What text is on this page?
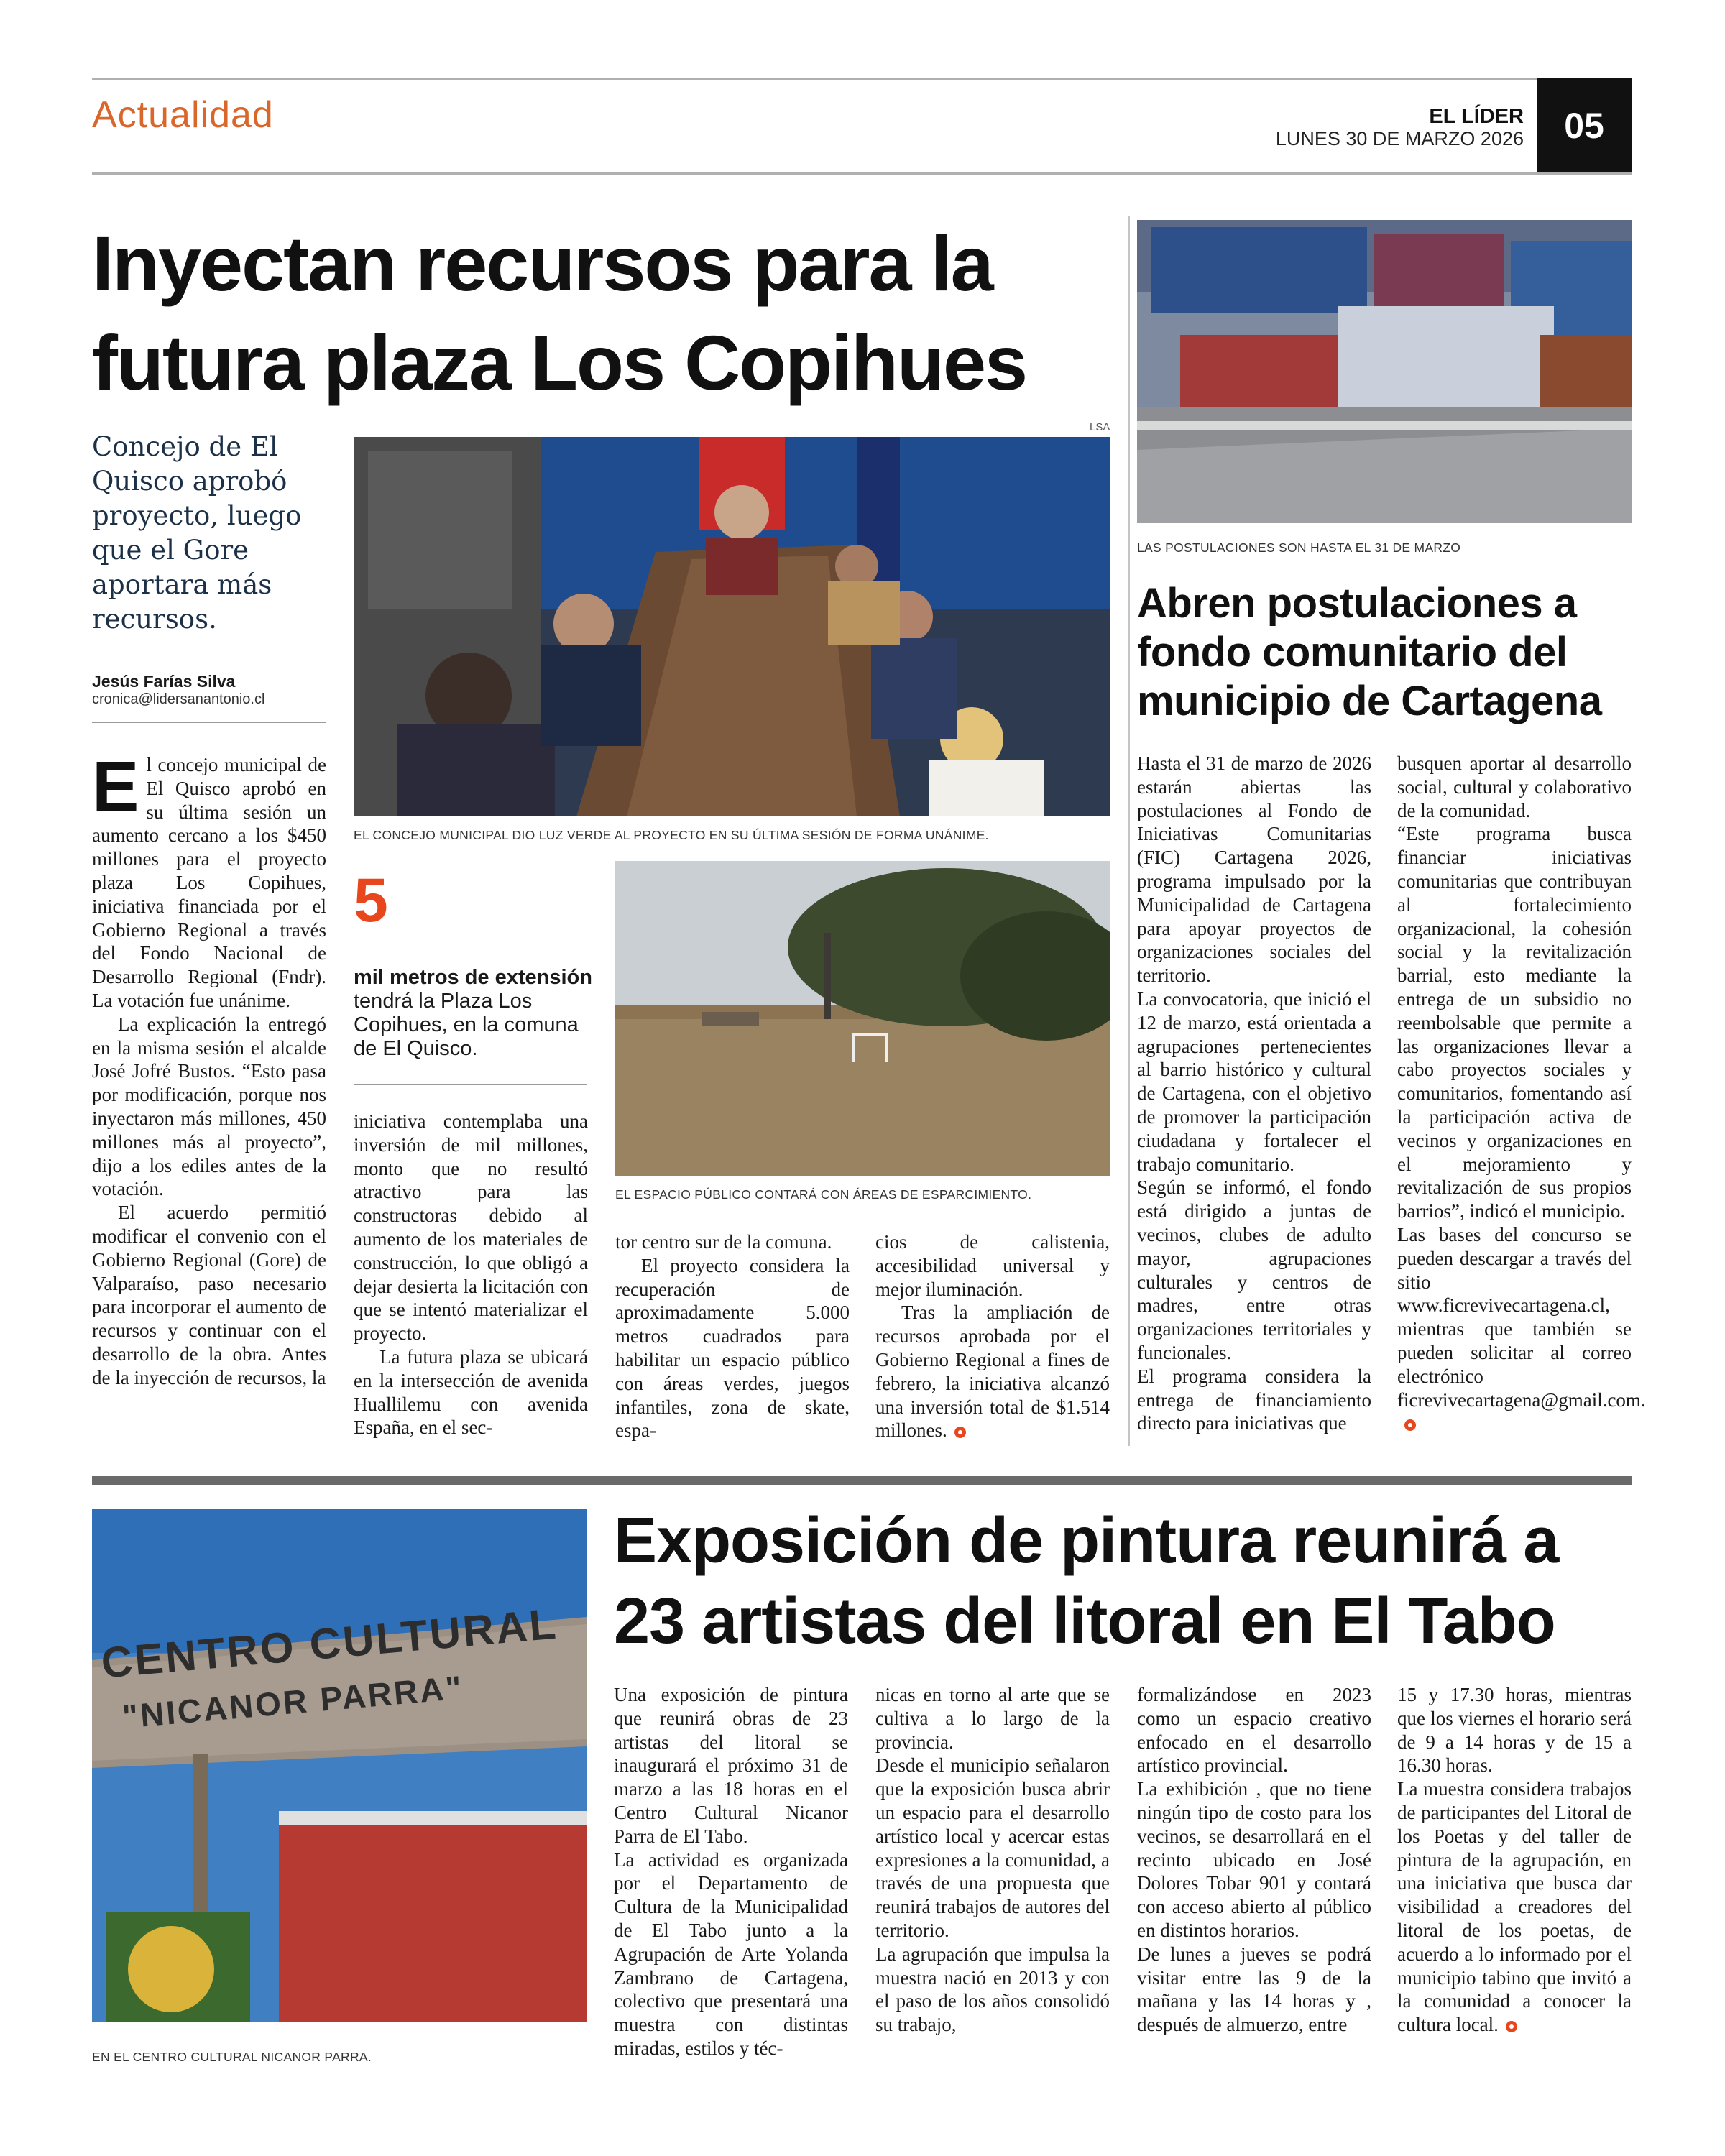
Actualidad	EL LÍDER
LUNES 30 DE MARZO 2026	05
Inyectan recursos para la
futura plaza Los Copihues
Concejo de El Quisco aprobó proyecto, luego que el Gore aportara más recursos.
Jesús Farías Silva
cronica@lidersanantonio.cl
LSA
EL CONCEJO MUNICIPAL DIO LUZ VERDE AL PROYECTO EN SU ÚLTIMA SESIÓN DE FORMA UNÁNIME.
5
mil metros de extensión tendrá la Plaza Los Copihues, en la comuna de El Quisco.
EL ESPACIO PÚBLICO CONTARÁ CON ÁREAS DE ESPARCIMIENTO.
E l concejo municipal de El Quisco aprobó en su última sesión un aumento cercano a los $450 millones para el proyecto plaza Los Copihues, iniciativa financiada por el Gobierno Regional a través del Fondo Nacional de Desarrollo Regional (Fndr). La votación fue unánime.

La explicación la entregó en la misma sesión el alcalde José Jofré Bustos. “Esto pasa por modificación, porque nos inyectaron más millones, 450 millones más al proyecto”, dijo a los ediles antes de la votación.

El acuerdo permitió modificar el convenio con el Gobierno Regional (Gore) de Valparaíso, paso necesario para incorporar el aumento de recursos y continuar con el desarrollo de la obra. Antes de la inyección de recursos, la

iniciativa contemplaba una inversión de mil millones, monto que no resultó atractivo para las constructoras debido al aumento de los materiales de construcción, lo que obligó a dejar desierta la licitación con que se intentó materializar el proyecto.

La futura plaza se ubicará en la intersección de avenida Huallilemu con avenida España, en el sec-

tor centro sur de la comuna.

El proyecto considera la recuperación de aproximadamente 5.000 metros cuadrados para habilitar un espacio público con áreas verdes, juegos infantiles, zona de skate, espa-

cios de calistenia, accesibilidad universal y mejor iluminación.

Tras la ampliación de recursos aprobada por el Gobierno Regional a fines de febrero, la iniciativa alcanzó una inversión total de $1.514 millones.

LAS POSTULACIONES SON HASTA EL 31 DE MARZO
Abren postulaciones a fondo comunitario del municipio de Cartagena

Hasta el 31 de marzo de 2026 estarán abiertas las postulaciones al Fondo de Iniciativas Comunitarias (FIC) Cartagena 2026, programa impulsado por la Municipalidad de Cartagena para apoyar proyectos de organizaciones sociales del territorio.

La convocatoria, que inició el 12 de marzo, está orientada a agrupaciones pertenecientes al barrio histórico y cultural de Cartagena, con el objetivo de promover la participación ciudadana y fortalecer el trabajo comunitario.

Según se informó, el fondo está dirigido a juntas de vecinos, clubes de adulto mayor, agrupaciones culturales y centros de madres, entre otras organizaciones territoriales y funcionales.

El programa considera la entrega de financiamiento directo para iniciativas que

busquen aportar al desarrollo social, cultural y colaborativo de la comunidad.

“Este programa busca financiar iniciativas comunitarias que contribuyan al fortalecimiento organizacional, la cohesión social y la revitalización barrial, esto mediante la entrega de un subsidio no reembolsable que permite a las organizaciones llevar a cabo proyectos sociales y comunitarios, fomentando así la participación activa de vecinos y organizaciones en el mejoramiento y revitalización de sus propios barrios”, indicó el municipio.

Las bases del concurso se pueden descargar a través del sitio www.ficrevivecartagena.cl, mientras que también se pueden solicitar al correo electrónico ficrevivecartagena@gmail.com.

CENTRO CULTURAL
"NICANOR PARRA"
EN EL CENTRO CULTURAL NICANOR PARRA.
Exposición de pintura reunirá a
23 artistas del litoral en El Tabo

Una exposición de pintura que reunirá obras de 23 artistas del litoral se inaugurará el próximo 31 de marzo a las 18 horas en el Centro Cultural Nicanor Parra de El Tabo.

La actividad es organizada por el Departamento de Cultura de la Municipalidad de El Tabo junto a la Agrupación de Arte Yolanda Zambrano de Cartagena, colectivo que presentará una muestra con distintas miradas, estilos y téc-

nicas en torno al arte que se cultiva a lo largo de la provincia.

Desde el municipio señalaron que la exposición busca abrir un espacio para el desarrollo artístico local y acercar estas expresiones a la comunidad, a través de una propuesta que reunirá trabajos de autores del territorio.

La agrupación que impulsa la muestra nació en 2013 y con el paso de los años consolidó su trabajo,

formalizándose en 2023 como un espacio creativo enfocado en el desarrollo artístico provincial.

La exhibición , que no tiene ningún tipo de costo para los vecinos, se desarrollará en el recinto ubicado en José Dolores Tobar 901 y contará con acceso abierto al público en distintos horarios.

De lunes a jueves se podrá visitar entre las 9 de la mañana y las 14 horas y , después de almuerzo, entre

15 y 17.30 horas, mientras que los viernes el horario será de 9 a 14 horas y de 15 a 16.30 horas.

La muestra considera trabajos de participantes del Litoral de los Poetas y del taller de pintura de la agrupación, en una iniciativa que busca dar visibilidad a creadores del litoral de los poetas, de acuerdo a lo informado por el municipio tabino que invitó a la comunidad a conocer la cultura local.
